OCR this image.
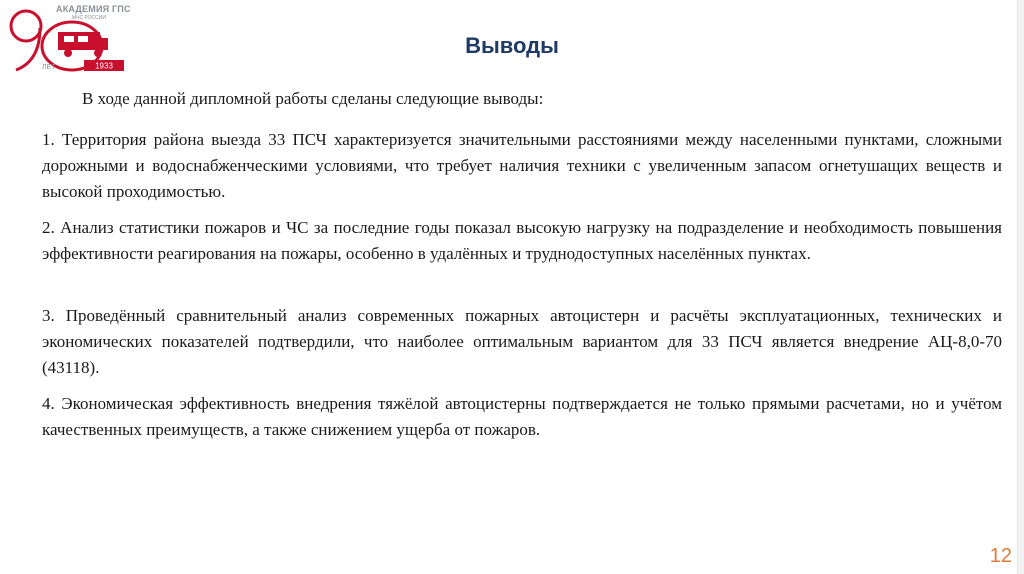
1933
ЛЕТ
АКАДЕМИЯ ГПС
МЧС РОССИИ
Выводы
В ходе данной дипломной работы сделаны следующие выводы:
1. Территория района выезда 33 ПСЧ характеризуется значительными расстояниями между населенными пунктами, сложными дорожными и водоснабженческими условиями, что требует наличия техники с увеличенным запасом огнетушащих веществ и высокой проходимостью.
2. Анализ статистики пожаров и ЧС за последние годы показал высокую нагрузку на подразделение и необходимость повышения эффективности реагирования на пожары, особенно в удалённых и труднодоступных населённых пунктах.
3. Проведённый сравнительный анализ современных пожарных автоцистерн и расчёты эксплуатационных, технических и экономических показателей подтвердили, что наиболее оптимальным вариантом для 33 ПСЧ является внедрение АЦ-8,0-70 (43118).
4. Экономическая эффективность внедрения тяжёлой автоцистерны подтверждается не только прямыми расчетами, но и учётом качественных преимуществ, а также снижением ущерба от пожаров.
12
